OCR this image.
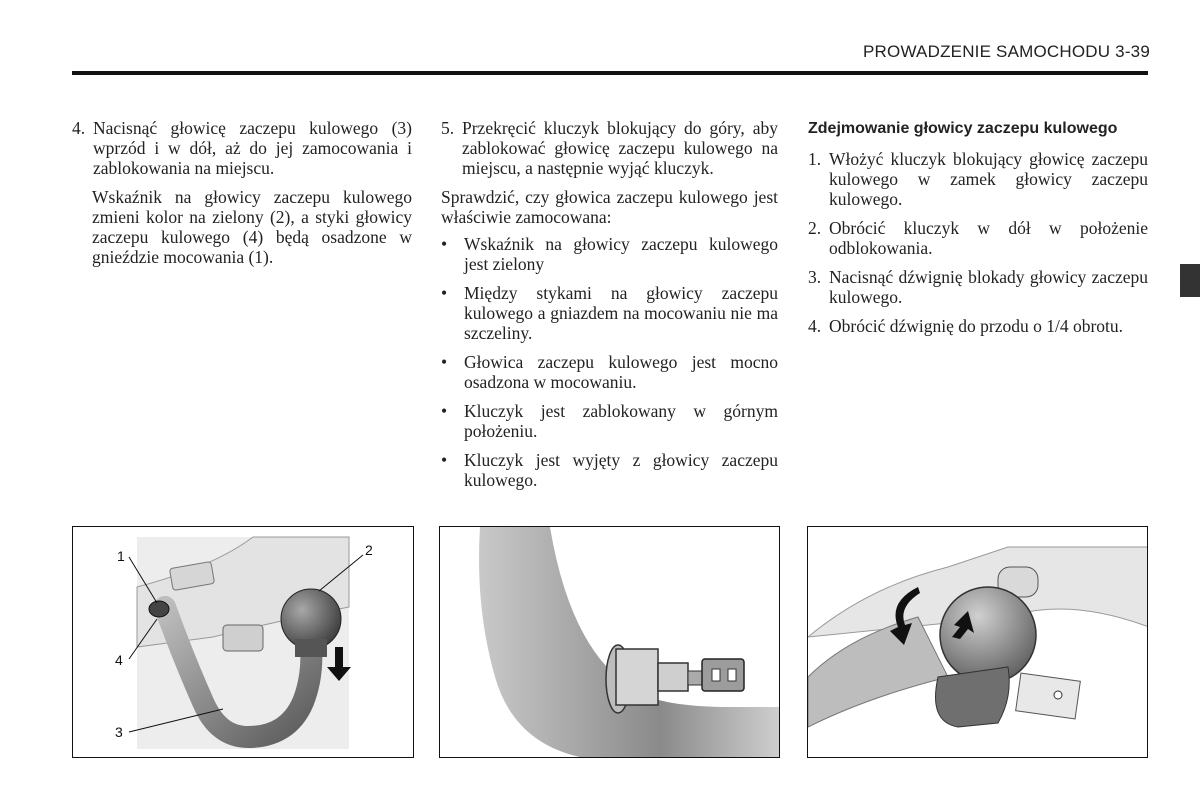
PROWADZENIE SAMOCHODU 3-39
4. Nacisnąć głowicę zaczepu kulowego (3) wprzód i w dół, aż do jej zamocowania i zablokowania na miejscu.
Wskaźnik na głowicy zaczepu kulowego zmieni kolor na zielony (2), a styki głowicy zaczepu kulowego (4) będą osadzone w gnieździe mocowania (1).
5. Przekręcić kluczyk blokujący do góry, aby zablokować głowicę zaczepu kulowego na miejscu, a następnie wyjąć kluczyk.
Sprawdzić, czy głowica zaczepu kulowego jest właściwie zamocowana:
• Wskaźnik na głowicy zaczepu kulowego jest zielony
• Między stykami na głowicy zaczepu kulowego a gniazdem na mocowaniu nie ma szczeliny.
• Głowica zaczepu kulowego jest mocno osadzona w mocowaniu.
• Kluczyk jest zablokowany w górnym położeniu.
• Kluczyk jest wyjęty z głowicy zaczepu kulowego.
Zdejmowanie głowicy zaczepu kulowego
1. Włożyć kluczyk blokujący głowicę zaczepu kulowego w zamek głowicy zaczepu kulowego.
2. Obrócić kluczyk w dół w położenie odblokowania.
3. Nacisnąć dźwignię blokady głowicy zaczepu kulowego.
4. Obrócić dźwignię do przodu o 1/4 obrotu.
1	2
4
3
